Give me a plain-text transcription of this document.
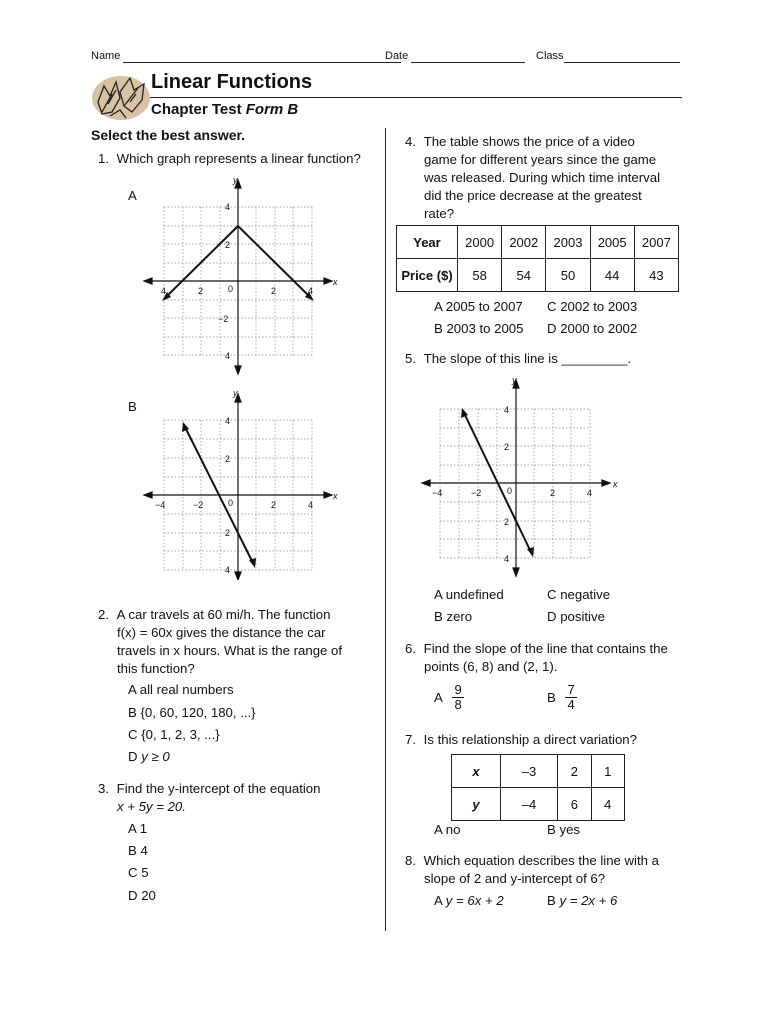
Name	Date	Class
Linear Functions
Chapter Test Form B
Select the best answer.
1. Which graph represents a linear function?
A
B
y
x
4
2
0
−2
4
4	2	2	4
y
x
4
2
0
2
4
−4	−2	2	4
2. A car travels at 60 mi/h. The function
f(x) = 60x gives the distance the car
travels in x hours. What is the range of
this function?
A all real numbers
B {0, 60, 120, 180, ...}
C {0, 1, 2, 3, ...}
D y ≥ 0
3. Find the y-intercept of the equation
x + 5y = 20.
A 1
B 4
C 5
D 20
4. The table shows the price of a video
game for different years since the game
was released. During which time interval
did the price decrease at the greatest
rate?
Year	2000	2002	2003	2005	2007
Price ($)	58	54	50	44	43
A 2005 to 2007 C 2002 to 2003
B 2003 to 2005 D 2000 to 2002
5. The slope of this line is _________.
y
x
4
2
0
2
4
−4	−2	2	4
A undefined	C negative
B zero	D positive
6. Find the slope of the line that contains the
points (6, 8) and (2, 1).
A $\frac{9}{8}$	B $\frac{7}{4}$
7. Is this relationship a direct variation?
x	–3	2	1
y	–4	6	4
A no	B yes
8. Which equation describes the line with a
slope of 2 and y-intercept of 6?
A y = 6x + 2	B y = 2x + 6
